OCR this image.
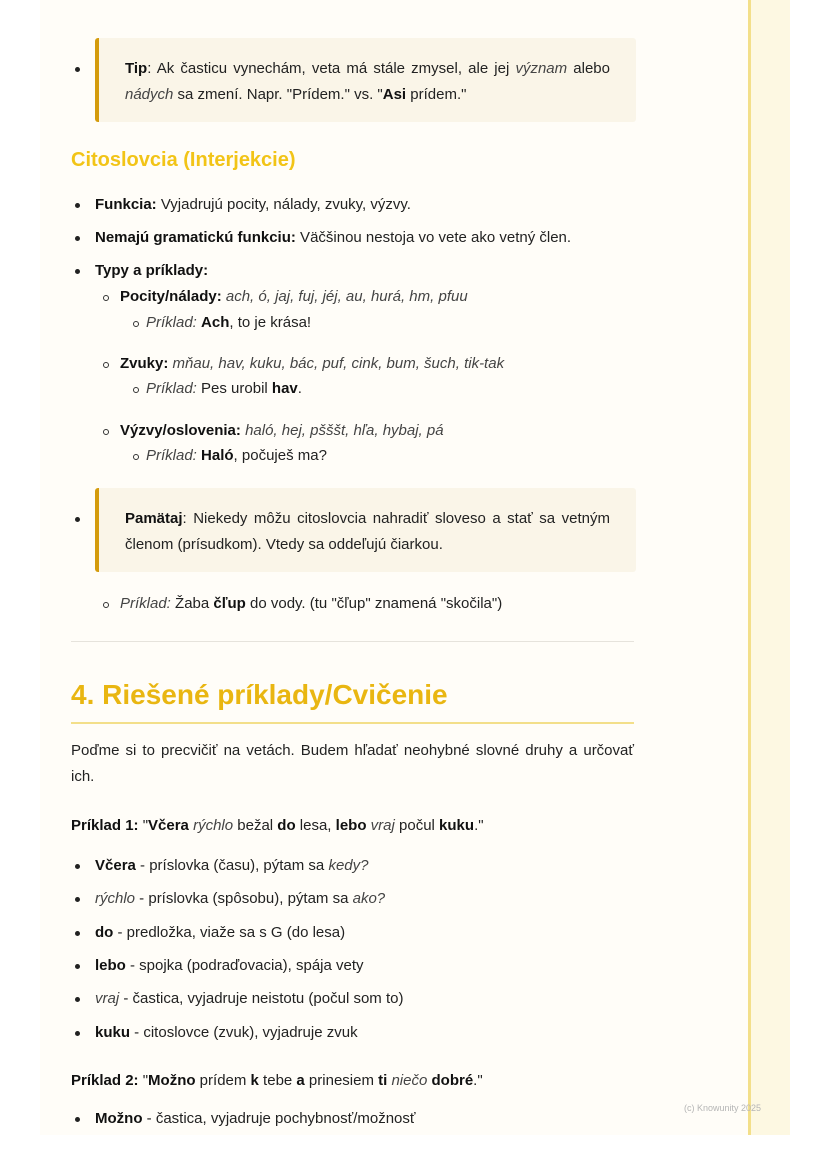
Tip: Ak časticu vynechám, veta má stále zmysel, ale jej význam alebo nádych sa zmení. Napr. "Prídem." vs. "Asi prídem."
Citoslovcia (Interjekcie)
Funkcia: Vyjadrujú pocity, nálady, zvuky, výzvy.
Nemajú gramatickú funkciu: Väčšinou nestoja vo vete ako vetný člen.
Typy a príklady:
Pocity/nálady: ach, ó, jaj, fuj, jéj, au, hurá, hm, pfuu
Príklad: Ach, to je krása!
Zvuky: mňau, hav, kuku, bác, puf, cink, bum, šuch, tik-tak
Príklad: Pes urobil hav.
Výzvy/oslovenia: haló, hej, pšššt, hľa, hybaj, pá
Príklad: Haló, počuješ ma?
Pamätaj: Niekedy môžu citoslovcia nahradiť sloveso a stať sa vetným členom (prísudkom). Vtedy sa oddeľujú čiarkou.
Príklad: Žaba čľup do vody. (tu "čľup" znamená "skočila")
4. Riešené príklady/Cvičenie
Poďme si to precvičiť na vetách. Budem hľadať neohybné slovné druhy a určovať ich.
Príklad 1: "Včera rýchlo bežal do lesa, lebo vraj počul kuku."
Včera - príslovka (času), pýtam sa kedy?
rýchlo - príslovka (spôsobu), pýtam sa ako?
do - predložka, viaže sa s G (do lesa)
lebo - spojka (podraďovacia), spája vety
vraj - častica, vyjadruje neistotu (počul som to)
kuku - citoslovce (zvuk), vyjadruje zvuk
Príklad 2: "Možno prídem k tebe a prinesiem ti niečo dobré."
Možno - častica, vyjadruje pochybnosť/možnosť
(c) Knowunity 2025
